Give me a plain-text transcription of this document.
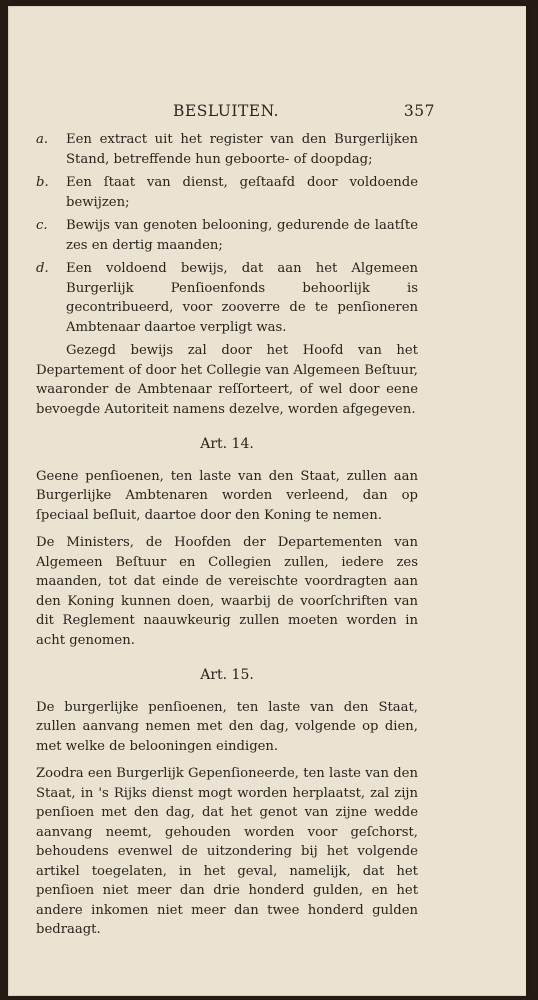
BESLUITEN.	357
a.	Een extract uit het register van den Burgerlijken Stand, betreffende hun geboorte- of doopdag;
b.	Een ſtaat van dienst, geſtaafd door voldoende bewijzen;
c.	Bewijs van genoten belooning, gedurende de laatſte zes en dertig maanden;
d.	Een voldoend bewijs, dat aan het Algemeen Burgerlijk Penſioenfonds behoorlijk is gecontribueerd, voor zooverre de te penſioneren Ambtenaar daartoe verpligt was.

Gezegd bewijs zal door het Hoofd van het Departement of door het Collegie van Algemeen Beſtuur, waaronder de Ambtenaar reſſorteert, of wel door eene bevoegde Autoriteit namens dezelve, worden afgegeven.

Art. 14.

Geene penſioenen, ten laste van den Staat, zullen aan Burgerlijke Ambtenaren worden verleend, dan op ſpeciaal beſluit, daartoe door den Koning te nemen.

De Ministers, de Hoofden der Departementen van Algemeen Beſtuur en Collegien zullen, iedere zes maanden, tot dat einde de vereischte voordragten aan den Koning kunnen doen, waarbij de voorſchriften van dit Reglement naauwkeurig zullen moeten worden in acht genomen.

Art. 15.

De burgerlijke penſioenen, ten laste van den Staat, zullen aanvang nemen met den dag, volgende op dien, met welke de belooningen eindigen.

Zoodra een Burgerlijk Gepenſioneerde, ten laste van den Staat, in 's Rijks dienst mogt worden herplaatst, zal zijn penſioen met den dag, dat het genot van zijne wedde aanvang neemt, gehouden worden voor geſchorst, behoudens evenwel de uitzondering bij het volgende artikel toegelaten, in het geval, namelijk, dat het penſioen niet meer dan drie honderd gulden, en het andere inkomen niet meer dan twee honderd gulden bedraagt.
